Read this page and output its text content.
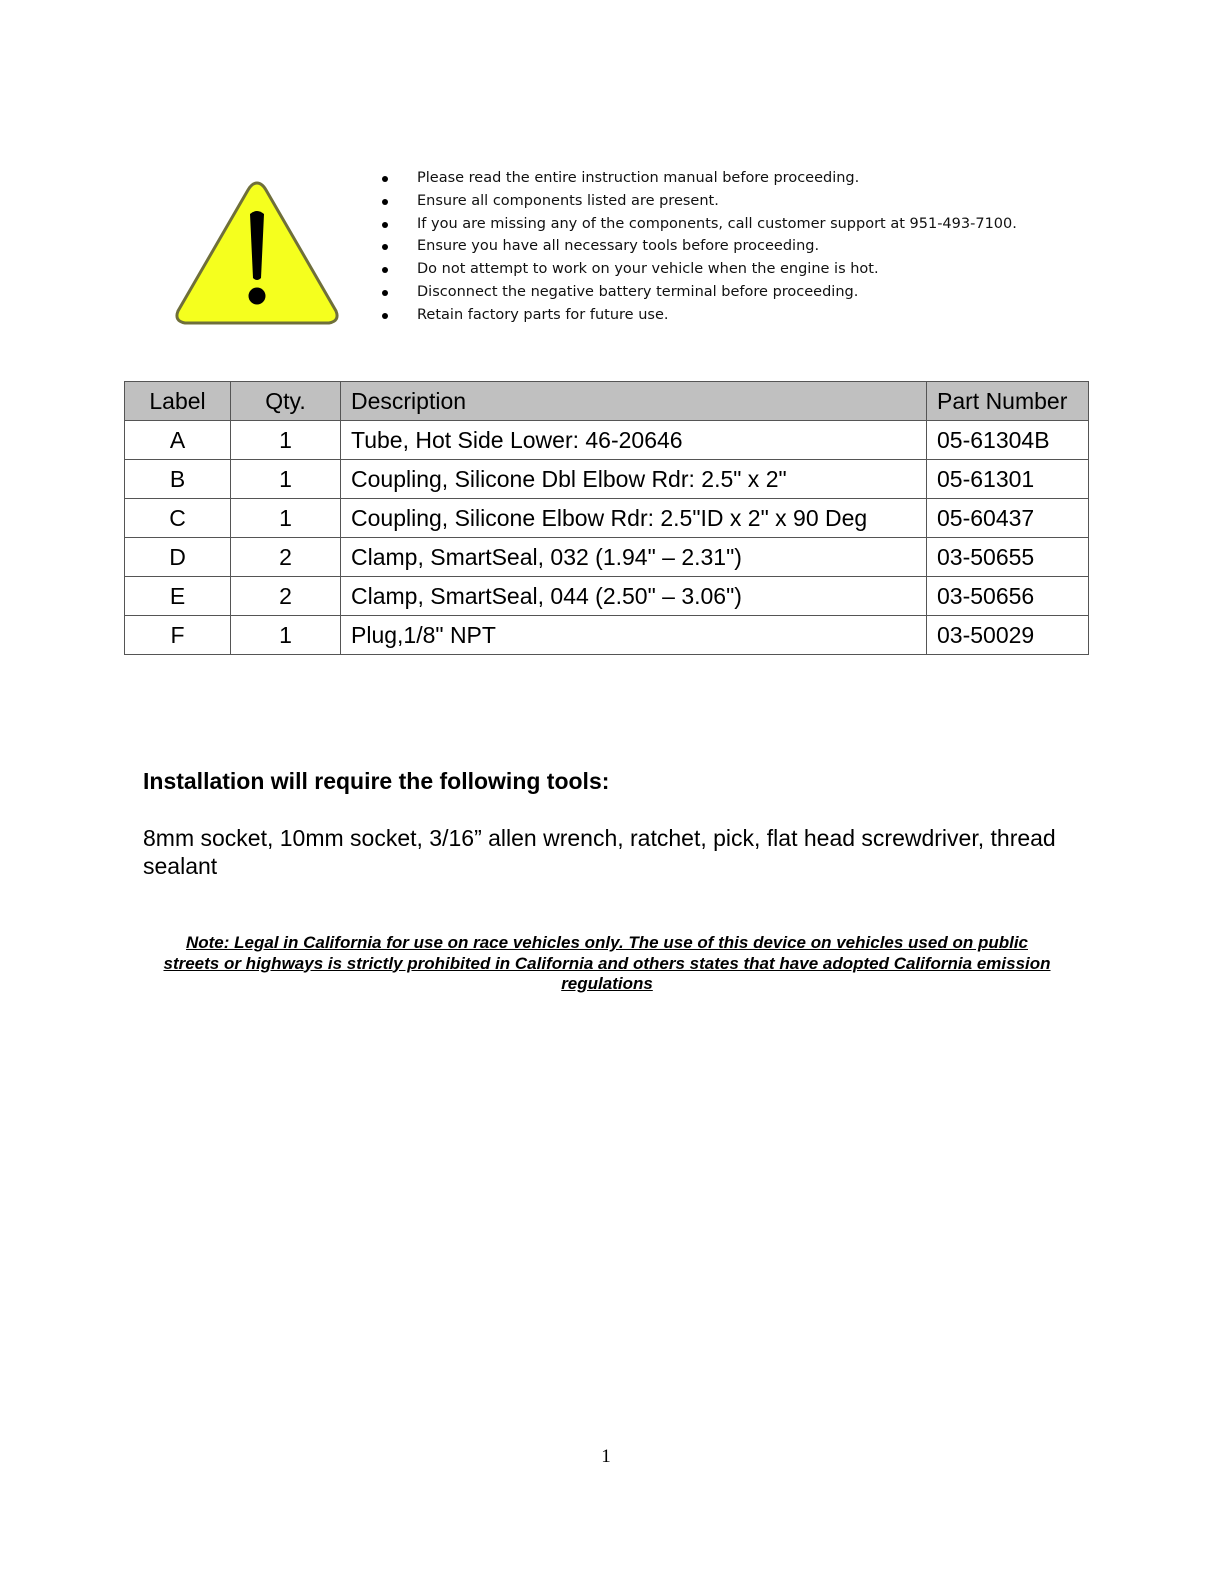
Please read the entire instruction manual before proceeding.
Ensure all components listed are present.
If you are missing any of the components, call customer support at 951-493-7100.
Ensure you have all necessary tools before proceeding.
Do not attempt to work on your vehicle when the engine is hot.
Disconnect the negative battery terminal before proceeding.
Retain factory parts for future use.
Label	Qty.	Description	Part Number
A	1	Tube, Hot Side Lower: 46-20646	05-61304B
B	1	Coupling, Silicone Dbl Elbow Rdr: 2.5" x 2"	05-61301
C	1	Coupling, Silicone Elbow Rdr: 2.5"ID x 2" x 90 Deg	05-60437
D	2	Clamp, SmartSeal, 032 (1.94" – 2.31")	03-50655
E	2	Clamp, SmartSeal, 044 (2.50" – 3.06")	03-50656
F	1	Plug,1/8" NPT	03-50029
Installation will require the following tools:

8mm socket, 10mm socket, 3/16” allen wrench, ratchet, pick, flat head screwdriver, thread sealant

Note: Legal in California for use on race vehicles only. The use of this device on vehicles used on public streets or highways is strictly prohibited in California and others states that have adopted California emission regulations

1
